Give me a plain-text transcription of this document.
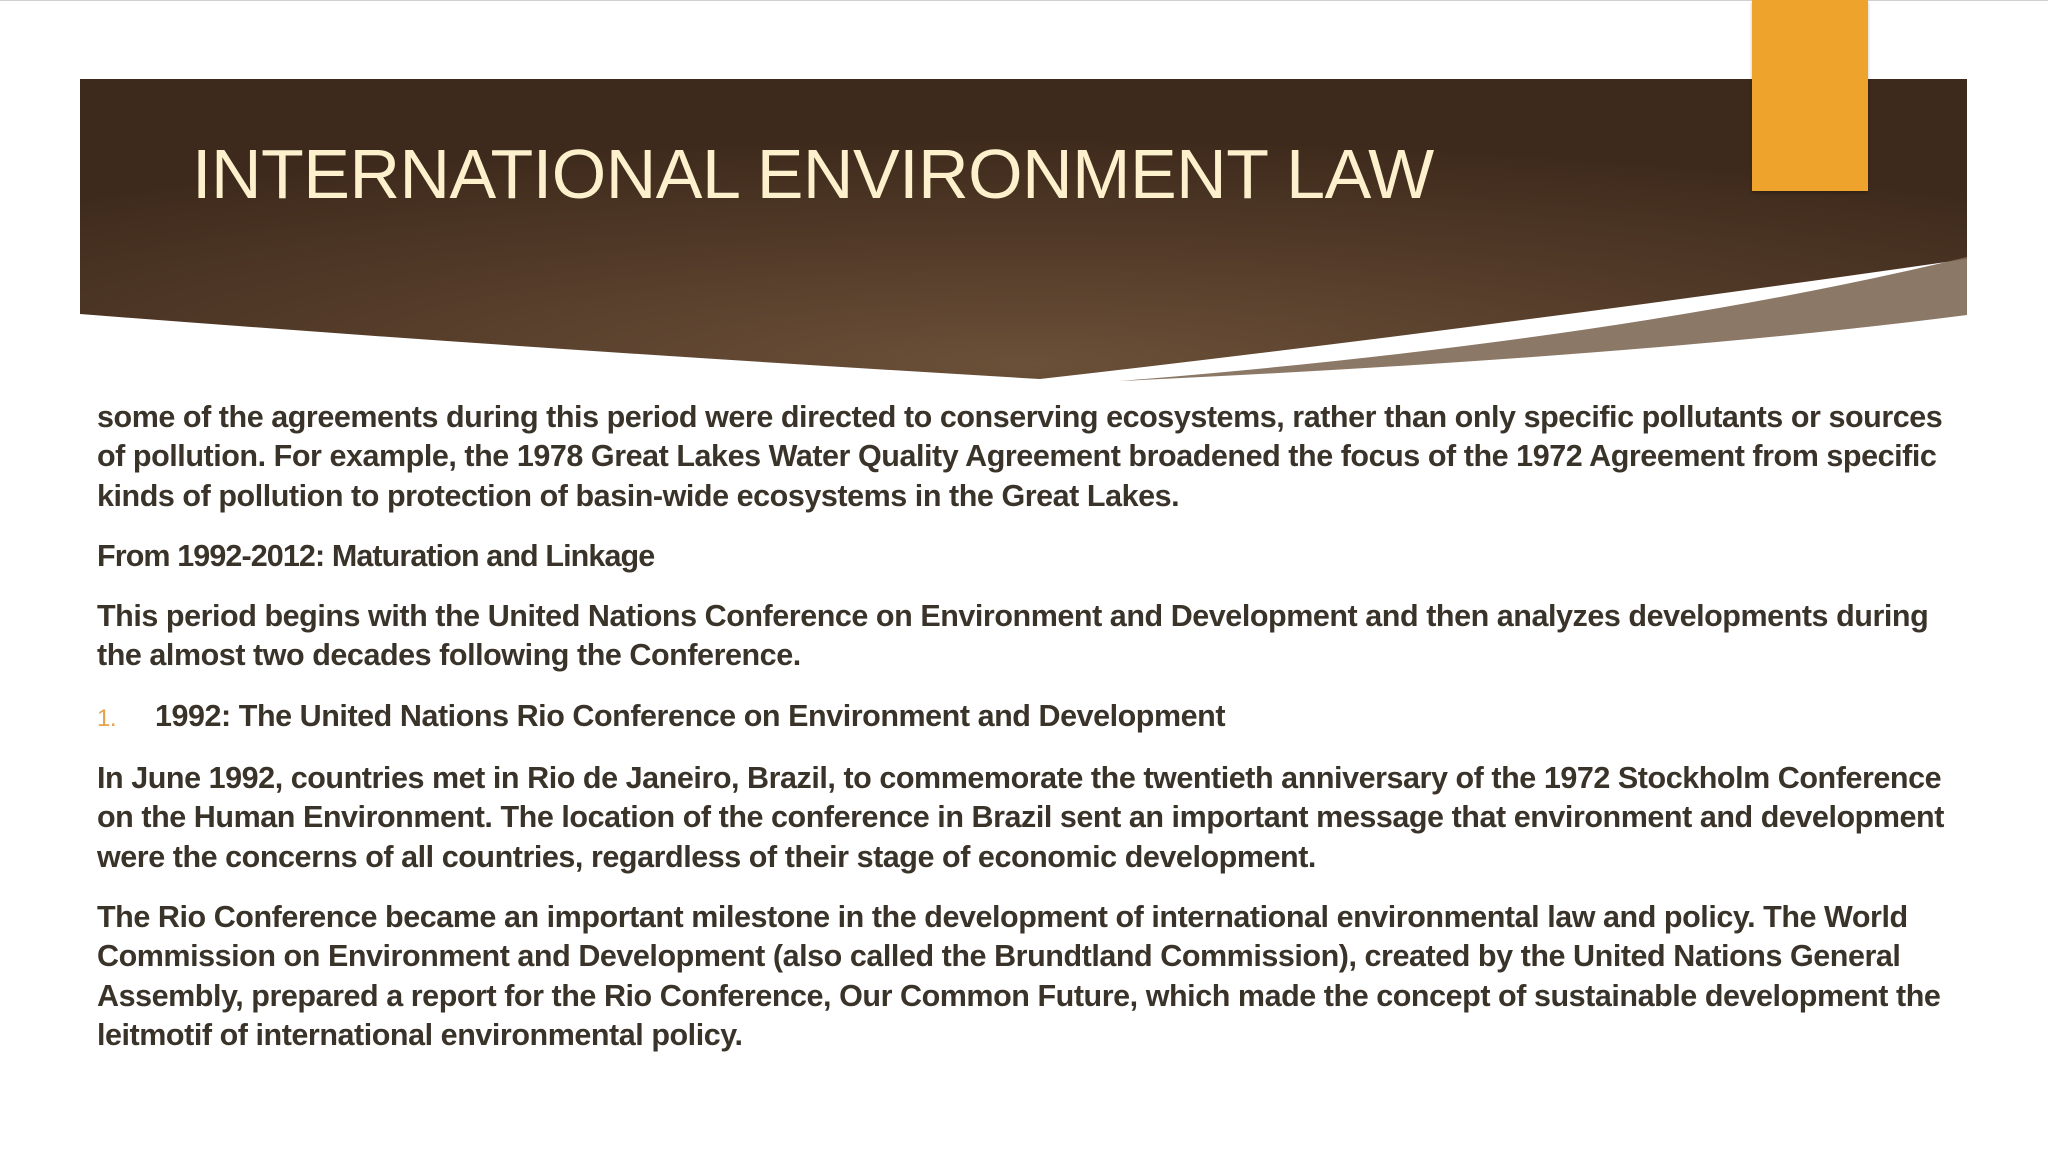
INTERNATIONAL ENVIRONMENT LAW

some of the agreements during this period were directed to conserving ecosystems, rather than only specific pollutants or sources of pollution. For example, the 1978 Great Lakes Water Quality Agreement broadened the focus of the 1972 Agreement from specific kinds of pollution to protection of basin-wide ecosystems in the Great Lakes.

From 1992-2012: Maturation and Linkage

This period begins with the United Nations Conference on Environment and Development and then analyzes developments during the almost two decades following the Conference.

1.	1992: The United Nations Rio Conference on Environment and Development

In June 1992, countries met in Rio de Janeiro, Brazil, to commemorate the twentieth anniversary of the 1972 Stockholm Conference on the Human Environment. The location of the conference in Brazil sent an important message that environment and development were the concerns of all countries, regardless of their stage of economic development.

The Rio Conference became an important milestone in the development of international environmental law and policy. The World Commission on Environment and Development (also called the Brundtland Commission), created by the United Nations General Assembly, prepared a report for the Rio Conference, Our Common Future, which made the concept of sustainable development the leitmotif of international environmental policy.
